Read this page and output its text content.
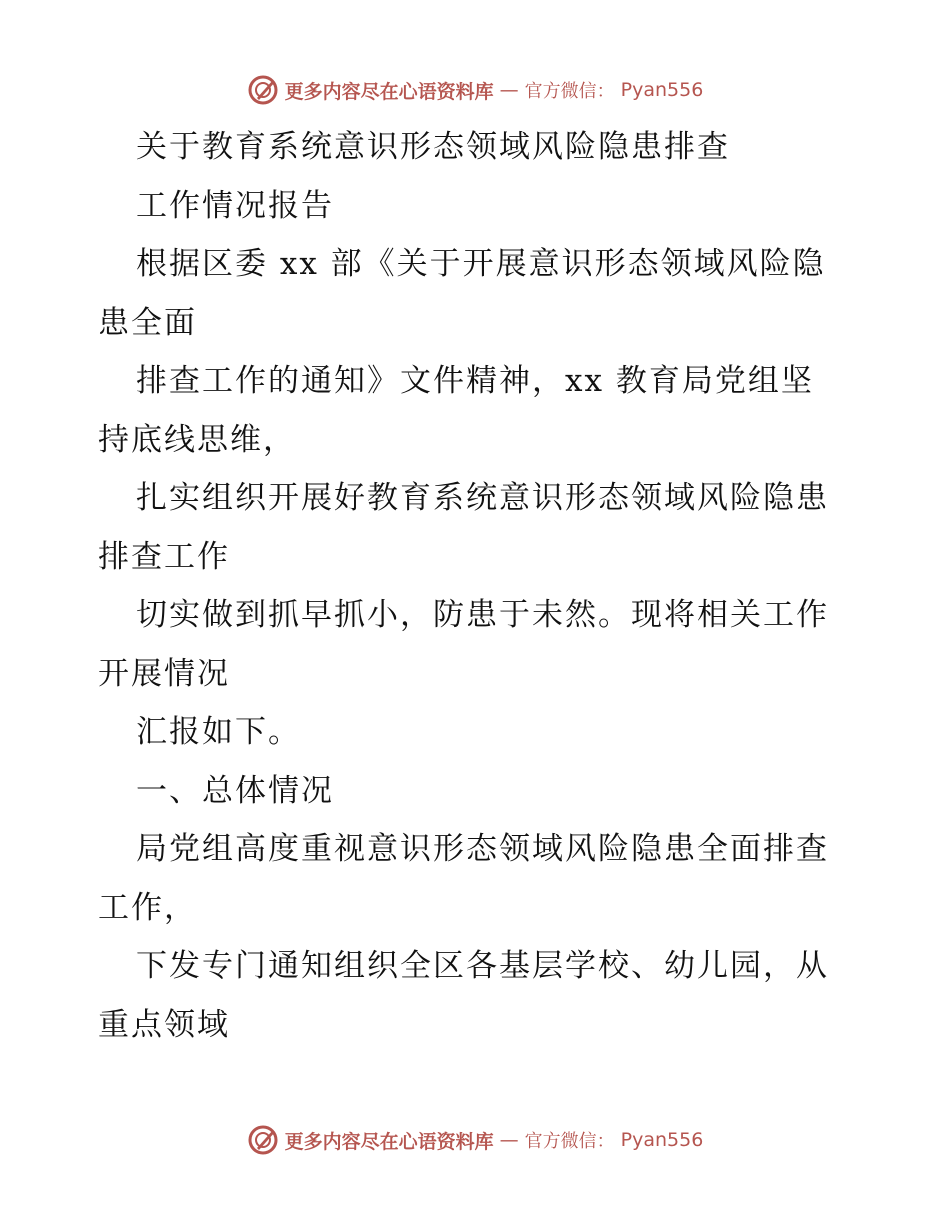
更多内容尽在心语资料库 — 官方微信： Pyan556
关于教育系统意识形态领域风险隐患排查
工作情况报告
根据区委 xx 部《关于开展意识形态领域风险隐
患全面
排查工作的通知》文件精神，xx 教育局党组坚
持底线思维，
扎实组织开展好教育系统意识形态领域风险隐患
排查工作
切实做到抓早抓小，防患于未然。现将相关工作
开展情况
汇报如下。
一、总体情况
局党组高度重视意识形态领域风险隐患全面排查
工作，
下发专门通知组织全区各基层学校、幼儿园，从
重点领域
更多内容尽在心语资料库 — 官方微信： Pyan556
